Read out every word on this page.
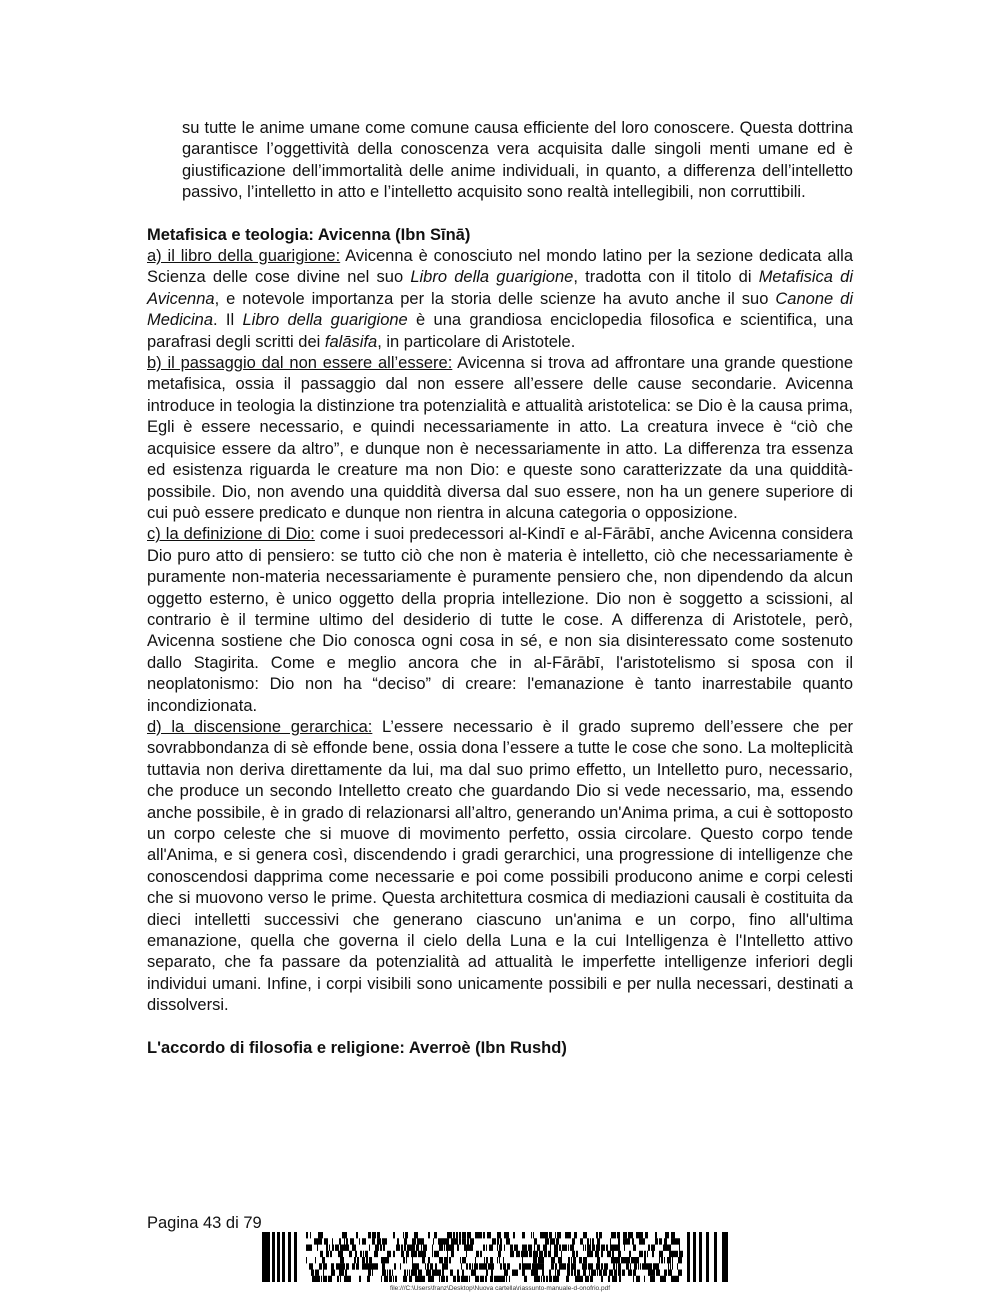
su tutte le anime umane come comune causa efficiente del loro conoscere. Questa dottrina garantisce l’oggettività della conoscenza vera acquisita dalle singoli menti umane ed è giustificazione dell’immortalità delle anime individuali, in quanto, a differenza dell’intelletto passivo, l’intelletto in atto e l’intelletto acquisito sono realtà intellegibili, non corruttibili.

Metafisica e teologia: Avicenna (Ibn Sīnā)

a) il libro della guarigione: Avicenna è conosciuto nel mondo latino per la sezione dedicata alla Scienza delle cose divine nel suo Libro della guarigione, tradotta con il titolo di Metafisica di Avicenna, e notevole importanza per la storia delle scienze ha avuto anche il suo Canone di Medicina. Il Libro della guarigione è una grandiosa enciclopedia filosofica e scientifica, una parafrasi degli scritti dei falāsifa, in particolare di Aristotele.

b) il passaggio dal non essere all’essere: Avicenna si trova ad affrontare una grande questione metafisica, ossia il passaggio dal non essere all’essere delle cause secondarie. Avicenna introduce in teologia la distinzione tra potenzialità e attualità aristotelica: se Dio è la causa prima, Egli è essere necessario, e quindi necessariamente in atto. La creatura invece è “ciò che acquisice essere da altro”, e dunque non è necessariamente in atto. La differenza tra essenza ed esistenza riguarda le creature ma non Dio: e queste sono caratterizzate da una quiddità-possibile. Dio, non avendo una quiddità diversa dal suo essere, non ha un genere superiore di cui può essere predicato e dunque non rientra in alcuna categoria o opposizione.

c) la definizione di Dio: come i suoi predecessori al-Kindī e al-Fārābī, anche Avicenna considera Dio puro atto di pensiero: se tutto ciò che non è materia è intelletto, ciò che necessariamente è puramente non-materia necessariamente è puramente pensiero che, non dipendendo da alcun oggetto esterno, è unico oggetto della propria intellezione. Dio non è soggetto a scissioni, al contrario è il termine ultimo del desiderio di tutte le cose. A differenza di Aristotele, però, Avicenna sostiene che Dio conosca ogni cosa in sé, e non sia disinteressato come sostenuto dallo Stagirita. Come e meglio ancora che in al-Fārābī, l'aristotelismo si sposa con il neoplatonismo: Dio non ha “deciso” di creare: l'emanazione è tanto inarrestabile quanto incondizionata.

d) la discensione gerarchica: L’essere necessario è il grado supremo dell’essere che per sovrabbondanza di sè effonde bene, ossia dona l’essere a tutte le cose che sono. La molteplicità tuttavia non deriva direttamente da lui, ma dal suo primo effetto, un Intelletto puro, necessario, che produce un secondo Intelletto creato che guardando Dio si vede necessario, ma, essendo anche possibile, è in grado di relazionarsi all’altro, generando un'Anima prima, a cui è sottoposto un corpo celeste che si muove di movimento perfetto, ossia circolare. Questo corpo tende all'Anima, e si genera così, discendendo i gradi gerarchici, una progressione di intelligenze che conoscendosi dapprima come necessarie e poi come possibili producono anime e corpi celesti che si muovono verso le prime. Questa architettura cosmica di mediazioni causali è costituita da dieci intelletti successivi che generano ciascuno un'anima e un corpo, fino all'ultima emanazione, quella che governa il cielo della Luna e la cui Intelligenza è l'Intelletto attivo separato, che fa passare da potenzialità ad attualità le imperfette intelligenze inferiori degli individui umani. Infine, i corpi visibili sono unicamente possibili e per nulla necessari, destinati a dissolversi.

L'accordo di filosofia e religione: Averroè (Ibn Rushd)
Pagina 43 di 79
file:///C:\Users\franz\Desktop\Nuova cartella\riassunto-manuale-d-onofrio.pdf
